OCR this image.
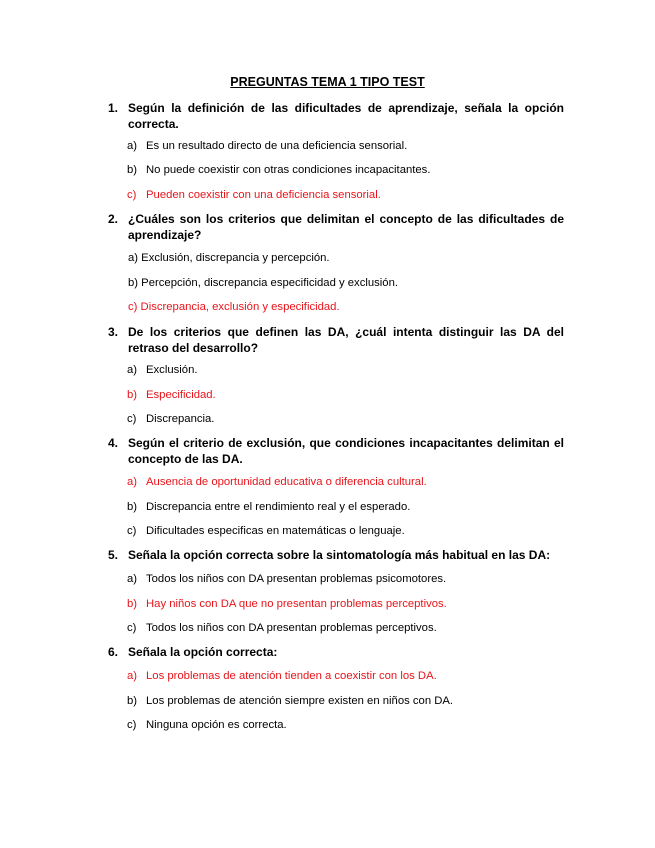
PREGUNTAS TEMA 1 TIPO TEST
1. Según la definición de las dificultades de aprendizaje, señala la opción correcta.
a) Es un resultado directo de una deficiencia sensorial.
b) No puede coexistir con otras condiciones incapacitantes.
c) Pueden coexistir con una deficiencia sensorial.
2. ¿Cuáles son los criterios que delimitan el concepto de las dificultades de aprendizaje?
a) Exclusión, discrepancia y percepción.
b) Percepción, discrepancia especificidad y exclusión.
c) Discrepancia, exclusión y especificidad.
3. De los criterios que definen las DA, ¿cuál intenta distinguir las DA del retraso del desarrollo?
a) Exclusión.
b) Especificidad.
c) Discrepancia.
4. Según el criterio de exclusión, que condiciones incapacitantes delimitan el concepto de las DA.
a) Ausencia de oportunidad educativa o diferencia cultural.
b) Discrepancia entre el rendimiento real y el esperado.
c) Dificultades especificas en matemáticas o lenguaje.
5. Señala la opción correcta sobre la sintomatología más habitual en las DA:
a) Todos los niños con DA presentan problemas psicomotores.
b) Hay niños con DA que no presentan problemas perceptivos.
c) Todos los niños con DA presentan problemas perceptivos.
6. Señala la opción correcta:
a) Los problemas de atención tienden a coexistir con los DA.
b) Los problemas de atención siempre existen en niños con DA.
c) Ninguna opción es correcta.
